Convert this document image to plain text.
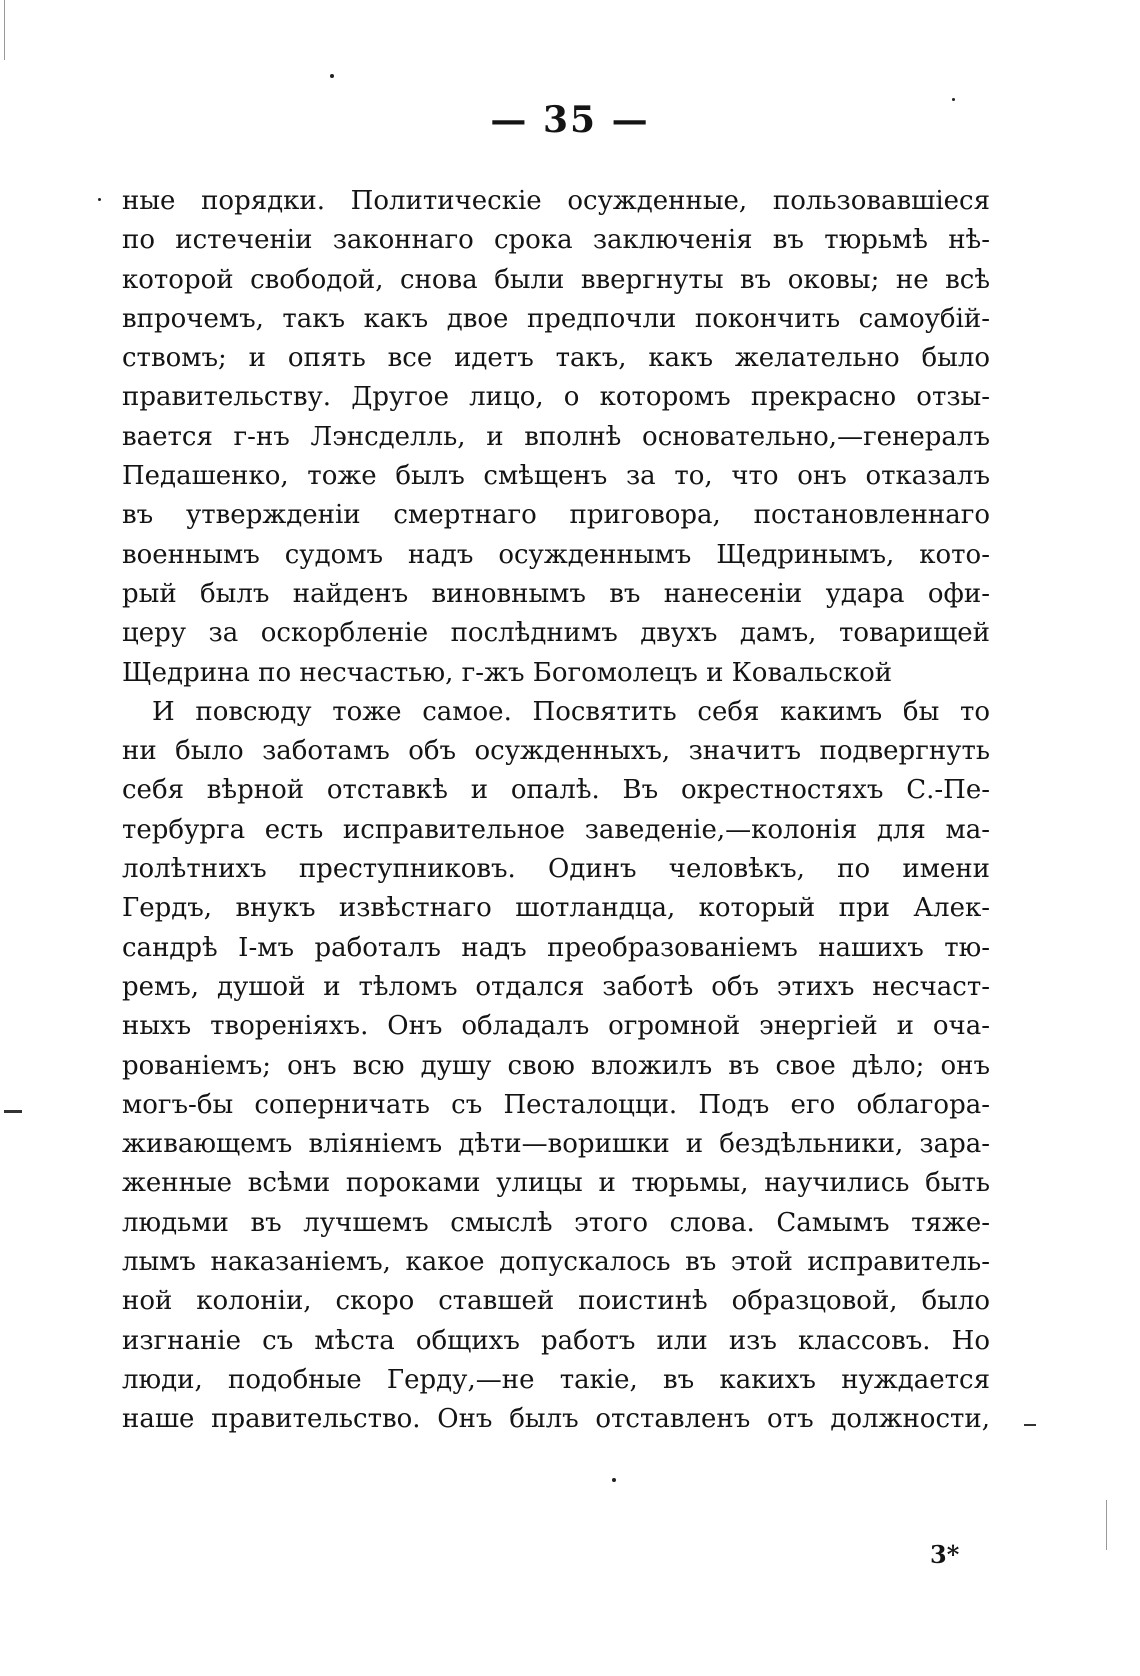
— 35 —
ные порядки. Политическіе осужденные, пользовавшіеся
по истеченіи законнаго срока заключенія въ тюрьмѣ нѣ-
которой свободой, снова были ввергнуты въ оковы; не всѣ
впрочемъ, такъ какъ двое предпочли покончить самоубій-
ствомъ; и опять все идетъ такъ, какъ желательно было
правительству. Другое лицо, о которомъ прекрасно отзы-
вается г-нъ Лэнсделль, и вполнѣ основательно,—генералъ
Педашенко, тоже былъ смѣщенъ за то, что онъ отказалъ
въ утвержденіи смертнаго приговора, постановленнаго
военнымъ судомъ надъ осужденнымъ Щедринымъ, кото-
рый былъ найденъ виновнымъ въ нанесеніи удара офи-
церу за оскорбленіе послѣднимъ двухъ дамъ, товарищей
Щедрина по несчастью, г-жъ Богомолецъ и Ковальской
И повсюду тоже самое. Посвятить себя какимъ бы то
ни было заботамъ объ осужденныхъ, значитъ подвергнуть
себя вѣрной отставкѣ и опалѣ. Въ окрестностяхъ С.-Пе-
тербурга есть исправительное заведеніе,—колонія для ма-
лолѣтнихъ преступниковъ. Одинъ человѣкъ, по имени
Гердъ, внукъ извѣстнаго шотландца, который при Алек-
сандрѣ І-мъ работалъ надъ преобразованіемъ нашихъ тю-
ремъ, душой и тѣломъ отдался заботѣ объ этихъ несчаст-
ныхъ твореніяхъ. Онъ обладалъ огромной энергіей и оча-
рованіемъ; онъ всю душу свою вложилъ въ свое дѣло; онъ
могъ-бы соперничать съ Песталоцци. Подъ его облагора-
живающемъ вліяніемъ дѣти—воришки и бездѣльники, зара-
женные всѣми пороками улицы и тюрьмы, научились быть
людьми въ лучшемъ смыслѣ этого слова. Самымъ тяже-
лымъ наказаніемъ, какое допускалось въ этой исправитель-
ной колоніи, скоро ставшей поистинѣ образцовой, было
изгнаніе съ мѣста общихъ работъ или изъ классовъ. Но
люди, подобные Герду,—не такіе, въ какихъ нуждается
наше правительство. Онъ былъ отставленъ отъ должности,
3*
